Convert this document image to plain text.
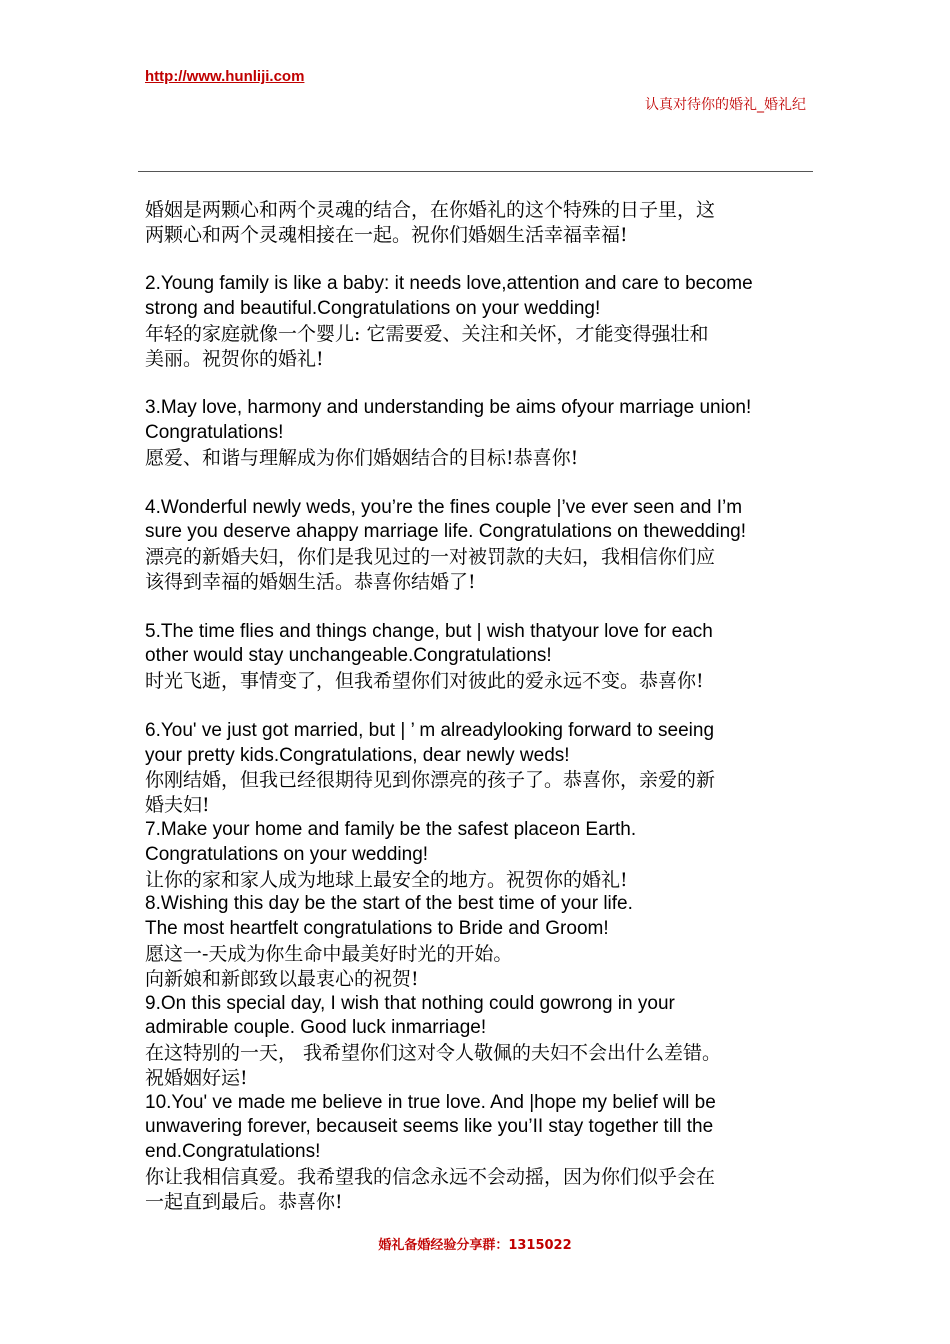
http://www.hunliji.com
认真对待你的婚礼_婚礼纪
婚姻是两颗心和两个灵魂的结合，在你婚礼的这个特殊的日子里，这
两颗心和两个灵魂相接在一起。祝你们婚姻生活幸福幸福!
2.Young family is like a baby: it needs love,attention and care to become
strong and beautiful.Congratulations on your wedding!
年轻的家庭就像一个婴儿: 它需要爱、关注和关怀，才能变得强壮和
美丽。祝贺你的婚礼!
3.May love, harmony and understanding be aims ofyour marriage union!
Congratulations!
愿爱、和谐与理解成为你们婚姻结合的目标!恭喜你!
4.Wonderful newly weds, you’re the fines couple |’ve ever seen and I’m
sure you deserve ahappy marriage life. Congratulations on thewedding!
漂亮的新婚夫妇，你们是我见过的一对被罚款的夫妇，我相信你们应
该得到幸福的婚姻生活。恭喜你结婚了!
5.The time flies and things change, but | wish thatyour love for each
other would stay unchangeable.Congratulations!
时光飞逝，事情变了，但我希望你们对彼此的爱永远不变。恭喜你!
6.You' ve just got married, but | ’ m alreadylooking forward to seeing
your pretty kids.Congratulations, dear newly weds!
你刚结婚，但我已经很期待见到你漂亮的孩子了。恭喜你，亲爱的新
婚夫妇!
7.Make your home and family be the safest placeon Earth.
Congratulations on your wedding!
让你的家和家人成为地球上最安全的地方。祝贺你的婚礼!
8.Wishing this day be the start of the best time of your life.
The most heartfelt congratulations to Bride and Groom!
愿这一-天成为你生命中最美好时光的开始。
向新娘和新郎致以最衷心的祝贺!
9.On this special day, I wish that nothing could gowrong in your
admirable couple. Good luck inmarriage!
在这特别的一天， 我希望你们这对令人敬佩的夫妇不会出什么差错。
祝婚姻好运!
10.You' ve made me believe in true love. And |hope my belief will be
unwavering forever, becauseit seems like you’II stay together till the
end.Congratulations!
你让我相信真爱。我希望我的信念永远不会动摇，因为你们似乎会在
一起直到最后。恭喜你!
婚礼备婚经验分享群：1315022
